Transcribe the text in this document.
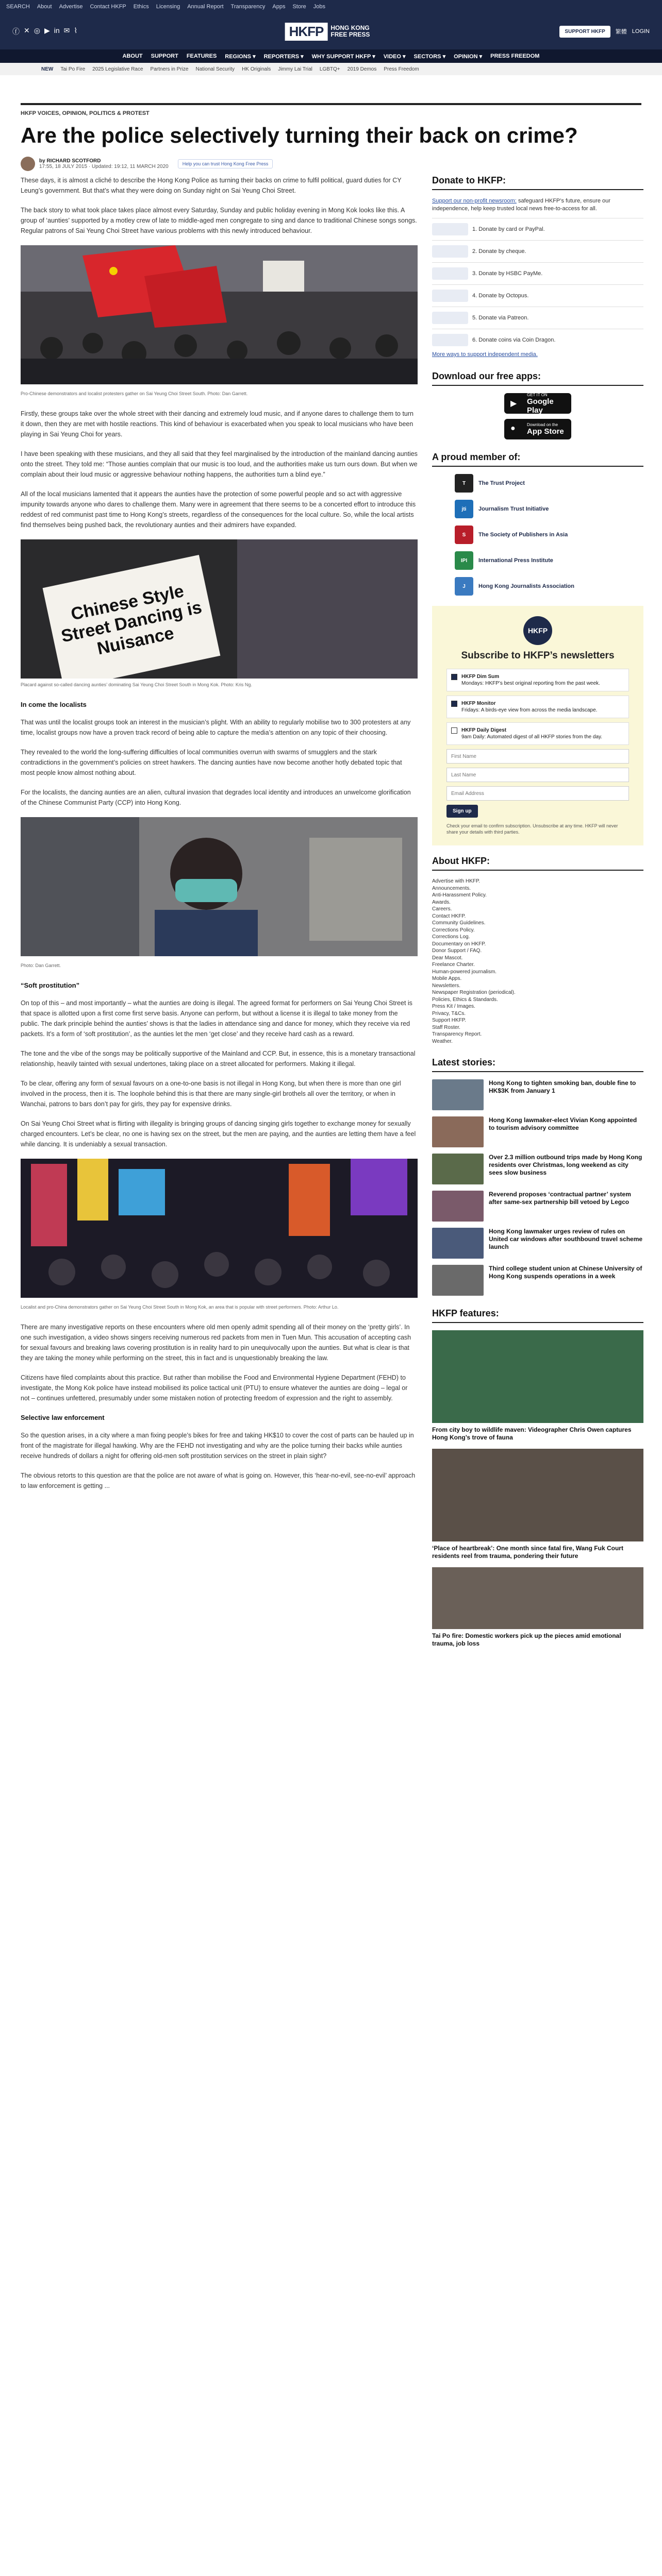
SEARCH About Advertise Contact HKFP Ethics Licensing Annual Report Transparency Apps Store Jobs
ⓕ ✕ ◎ ▶ in ✉ ⌇	HKFP	HONG KONG FREE PRESS	SUPPORT HKFP	繁體 LOGIN
ABOUT SUPPORT FEATURES REGIONS ▾ REPORTERS ▾ WHY SUPPORT HKFP ▾ VIDEO ▾ SECTORS ▾ OPINION ▾ PRESS FREEDOM
NEW Tai Po Fire 2025 Legislative Race Partners in Prize National Security HK Originals Jimmy Lai Trial LGBTQ+ 2019 Demos Press Freedom
HKFP VOICES, OPINION, POLITICS & PROTEST
Are the police selectively turning their back on crime?
by RICHARD SCOTFORD
17:55, 18 JULY 2015 · Updated: 19:12, 11 MARCH 2020	Help you can trust Hong Kong Free Press

These days, it is almost a cliché to describe the Hong Kong Police as turning their backs on crime to fulfil political, guard duties for CY Leung’s government. But that’s what they were doing on Sunday night on Sai Yeung Choi Street.

The back story to what took place takes place almost every Saturday, Sunday and public holiday evening in Mong Kok looks like this. A group of ‘aunties’ supported by a motley crew of late to middle-aged men congregate to sing and dance to traditional Chinese songs songs. Regular patrons of Sai Yeung Choi Street have various problems with this newly introduced behaviour.

Pro-Chinese demonstrators and localist protesters gather on Sai Yeung Choi Street South. Photo: Dan Garrett.

Firstly, these groups take over the whole street with their dancing and extremely loud music, and if anyone dares to challenge them to turn it down, then they are met with hostile reactions. This kind of behaviour is exacerbated when you speak to local musicians who have been playing in Sai Yeung Choi for years.

I have been speaking with these musicians, and they all said that they feel marginalised by the introduction of the mainland dancing aunties onto the street. They told me: “Those aunties complain that our music is too loud, and the authorities make us turn ours down. But when we complain about their loud music or aggressive behaviour nothing happens, the authorities turn a blind eye.”

All of the local musicians lamented that it appears the aunties have the protection of some powerful people and so act with aggressive impunity towards anyone who dares to challenge them. Many were in agreement that there seems to be a concerted effort to introduce this reddest of red communist past time to Hong Kong’s streets, regardless of the consequences for the local culture. So, while the local artists find themselves being pushed back, the revolutionary aunties and their admirers have expanded.

Chinese Style Street Dancing is Nuisance
Placard against so-called dancing aunties’ dominating Sai Yeung Choi Street South in Mong Kok. Photo: Kris Ng.
In come the localists

That was until the localist groups took an interest in the musician’s plight. With an ability to regularly mobilise two to 300 protesters at any time, localist groups now have a proven track record of being able to capture the media’s attention on any topic of their choosing.

They revealed to the world the long-suffering difficulties of local communities overrun with swarms of smugglers and the stark contradictions in the government’s policies on street hawkers. The dancing aunties have now become another hotly debated topic that most people know almost nothing about.

For the localists, the dancing aunties are an alien, cultural invasion that degrades local identity and introduces an unwelcome glorification of the Chinese Communist Party (CCP) into Hong Kong.

Photo: Dan Garrett.
“Soft prostitution”

On top of this – and most importantly – what the aunties are doing is illegal. The agreed format for performers on Sai Yeung Choi Street is that space is allotted upon a first come first serve basis. Anyone can perform, but without a license it is illegal to take money from the public. The dark principle behind the aunties’ shows is that the ladies in attendance sing and dance for money, which they receive via red packets. It’s a form of ‘soft prostitution’, as the aunties let the men ‘get close’ and they receive hard cash as a reward.

The tone and the vibe of the songs may be politically supportive of the Mainland and CCP. But, in essence, this is a monetary transactional relationship, heavily tainted with sexual undertones, taking place on a street allocated for performers. Making it illegal.

To be clear, offering any form of sexual favours on a one-to-one basis is not illegal in Hong Kong, but when there is more than one girl involved in the process, then it is. The loophole behind this is that there are many single-girl brothels all over the territory, or when in Wanchai, patrons to bars don’t pay for girls, they pay for expensive drinks.

On Sai Yeung Choi Street what is flirting with illegality is bringing groups of dancing singing girls together to exchange money for sexually charged encounters. Let’s be clear, no one is having sex on the street, but the men are paying, and the aunties are letting them have a feel while dancing. It is undeniably a sexual transaction.

Localist and pro-China demonstrators gather on Sai Yeung Choi Street South in Mong Kok, an area that is popular with street performers. Photo: Arthur Lo.

There are many investigative reports on these encounters where old men openly admit spending all of their money on the ‘pretty girls’. In one such investigation, a video shows singers receiving numerous red packets from men in Tuen Mun. This accusation of accepting cash for sexual favours and breaking laws covering prostitution is in reality hard to pin unequivocally upon the aunties. But what is clear is that they are taking the money while performing on the street, this in fact and is unquestionably breaking the law.

Citizens have filed complaints about this practice. But rather than mobilise the Food and Environmental Hygiene Department (FEHD) to investigate, the Mong Kok police have instead mobilised its police tactical unit (PTU) to ensure whatever the aunties are doing – legal or not – continues unfettered, presumably under some mistaken notion of protecting freedom of expression and the right to assembly.

Selective law enforcement

So the question arises, in a city where a man fixing people’s bikes for free and taking HK$10 to cover the cost of parts can be hauled up in front of the magistrate for illegal hawking. Why are the FEHD not investigating and why are the police turning their backs while aunties receive hundreds of dollars a night for offering old-men soft prostitution services on the street in plain sight?

The obvious retorts to this question are that the police are not aware of what is going on. However, this ‘hear-no-evil, see-no-evil’ approach to law enforcement is getting ...

Donate to HKFP:

Support our non-profit newsroom: safeguard HKFP’s future, ensure our independence, help keep trusted local news free-to-access for all.

1. Donate by card or PayPal.
2. Donate by cheque.
3. Donate by HSBC PayMe.
4. Donate by Octopus.
5. Donate via Patreon.
6. Donate coins via Coin Dragon.

More ways to support independent media.

Download our free apps:
▶
GET IT ON
Google Play
●	Download on the
App Store
A proud member of:
T	The Trust Project
jti	Journalism Trust Initiative
S	The Society of Publishers in Asia
IPI	International Press Institute
J	Hong Kong Journalists Association
HKFP
Subscribe to HKFP’s newsletters
HKFP Dim Sum
Mondays: HKFP’s best original reporting from the past week.
HKFP Monitor
Fridays: A birds-eye view from across the media landscape.
HKFP Daily Digest
9am Daily: Automated digest of all HKFP stories from the day.
First Name Last Name Email Address Sign up
Check your email to confirm subscription. Unsubscribe at any time. HKFP will never share your details with third parties.
About HKFP:
Advertise with HKFP.
Announcements.
Anti-Harassment Policy.
Awards.
Careers.
Contact HKFP.
Community Guidelines.
Corrections Policy.
Corrections Log.
Documentary on HKFP.
Donor Support / FAQ.
Dear Mascot.
Freelance Charter.
Human-powered journalism.
Mobile Apps.
Newsletters.
Newspaper Registration (periodical).
Policies, Ethics & Standards.
Press Kit / Images.
Privacy, T&Cs.
Support HKFP.
Staff Roster.
Transparency Report.
Weather.
Latest stories:
Hong Kong to tighten smoking ban, double fine to HK$3K from January 1
Hong Kong lawmaker-elect Vivian Kong appointed to tourism advisory committee
Over 2.3 million outbound trips made by Hong Kong residents over Christmas, long weekend as city sees slow business
Reverend proposes ‘contractual partner’ system after same-sex partnership bill vetoed by Legco
Hong Kong lawmaker urges review of rules on United car windows after southbound travel scheme launch
Third college student union at Chinese University of Hong Kong suspends operations in a week
HKFP features:
From city boy to wildlife maven: Videographer Chris Owen captures Hong Kong’s trove of fauna
‘Place of heartbreak’: One month since fatal fire, Wang Fuk Court residents reel from trauma, pondering their future
Tai Po fire: Domestic workers pick up the pieces amid emotional trauma, job loss
